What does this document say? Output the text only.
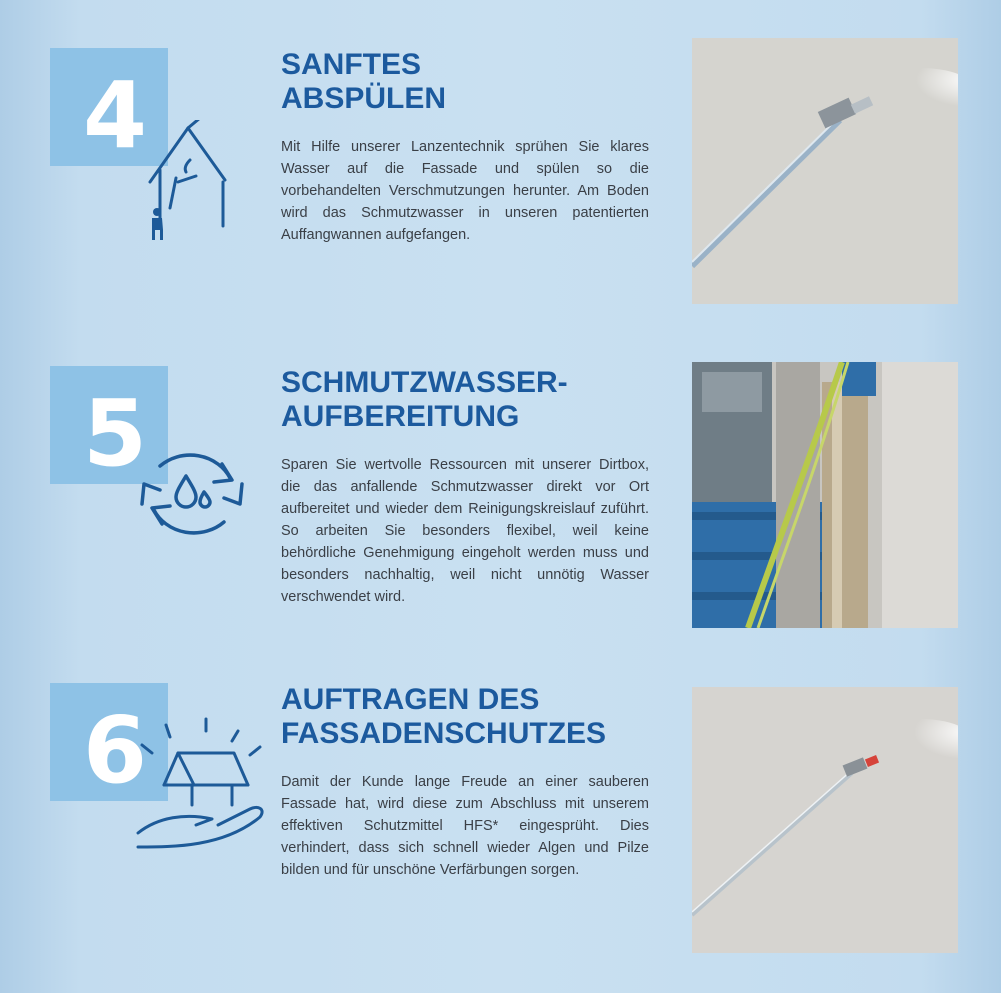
4	SANFTES
ABSPÜLEN

Mit Hilfe unserer Lanzentechnik sprühen Sie klares Wasser auf die Fassade und spülen so die vorbehandelten Verschmutzungen herunter. Am Boden wird das Schmutzwasser in unseren patentierten Auffangwannen aufgefangen.

5	SCHMUTZWASSER-
AUFBEREITUNG

Sparen Sie wertvolle Ressourcen mit unserer Dirtbox, die das anfallende Schmutzwasser direkt vor Ort aufbereitet und wieder dem Reinigungskreislauf zuführt. So arbeiten Sie besonders flexibel, weil keine behördliche Genehmigung eingeholt werden muss und besonders nachhaltig, weil nicht unnötig Wasser verschwendet wird.

6	AUFTRAGEN DES
FASSADENSCHUTZES

Damit der Kunde lange Freude an einer sauberen Fassade hat, wird diese zum Abschluss mit unserem effektiven Schutzmittel HFS* eingesprüht. Dies verhindert, dass sich schnell wieder Algen und Pilze bilden und für unschöne Verfärbungen sorgen.
